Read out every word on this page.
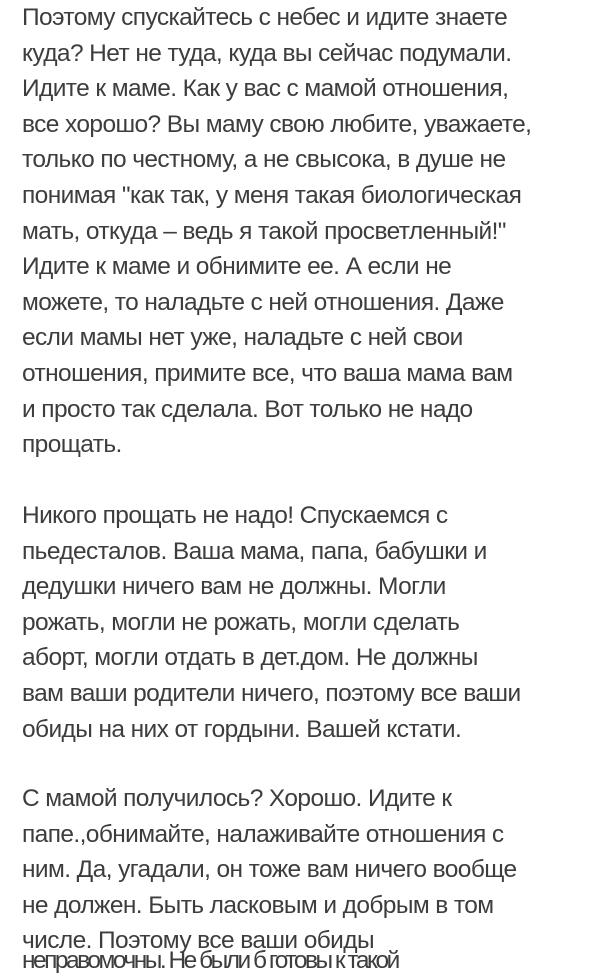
Поэтому спускайтесь с небес и идите знаете
куда? Нет не туда, куда вы сейчас подумали.
Идите к маме. Как у вас с мамой отношения,
все хорошо? Вы маму свою любите, уважаете,
только по честному, а не свысока, в душе не
понимая "как так, у меня такая биологическая
мать, откуда – ведь я такой просветленный!"
Идите к маме и обнимите ее. А если не
можете, то наладьте с ней отношения. Даже
если мамы нет уже, наладьте с ней свои
отношения, примите все, что ваша мама вам
и просто так сделала. Вот только не надо
прощать.
Никого прощать не надо! Спускаемся с
пьедесталов. Ваша мама, папа, бабушки и
дедушки ничего вам не должны. Могли
рожать, могли не рожать, могли сделать
аборт, могли отдать в дет.дом. Не должны
вам ваши родители ничего, поэтому все ваши
обиды на них от гордыни. Вашей кстати.
С мамой получилось? Хорошо. Идите к
папе.,обнимайте, налаживайте отношения с
ним. Да, угадали, он тоже вам ничего вообще
не должен. Быть ласковым и добрым в том
числе. Поэтому все ваши обиды
неправомочны. Не были б готовы к такой
